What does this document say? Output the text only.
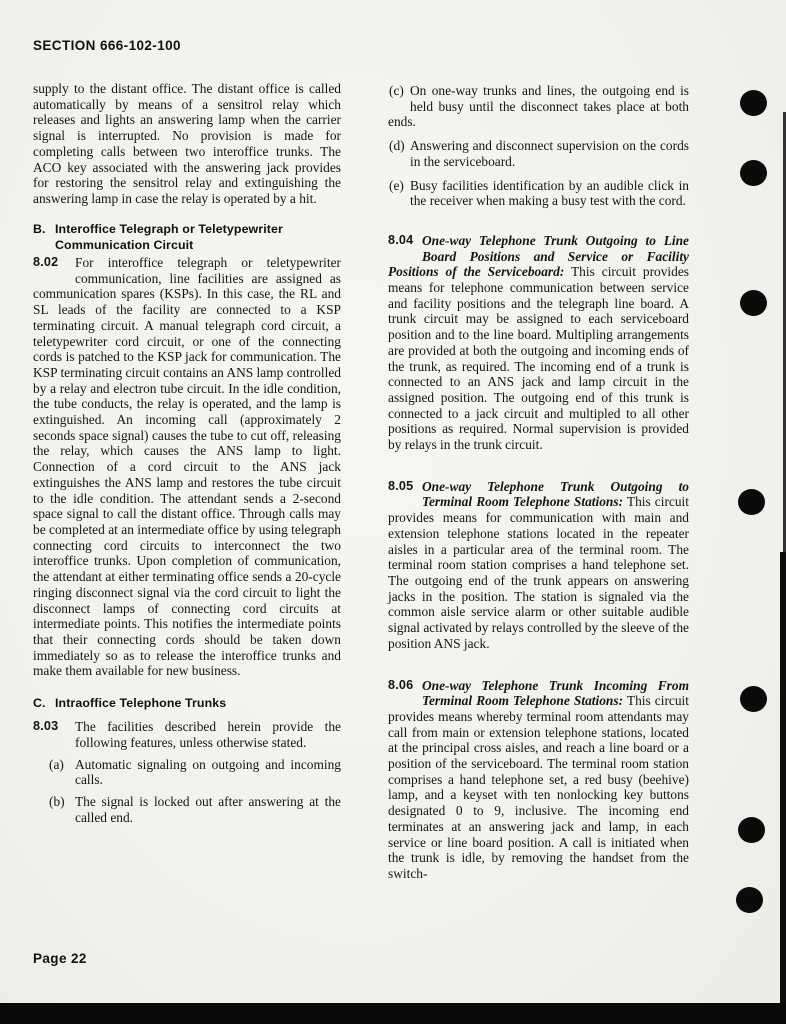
SECTION 666-102-100

supply to the distant office. The distant office is called automatically by means of a sensitrol relay which releases and lights an answering lamp when the carrier signal is interrupted. No provision is made for completing calls between two interoffice trunks. The ACO key associated with the answering jack provides for restoring the sensitrol relay and extinguishing the answering lamp in case the relay is operated by a hit.

B. Interoffice Telegraph or Teletypewriter Communication Circuit
8.02	For interoffice telegraph or teletypewriter communication, line facilities are assigned as communication spares (KSPs). In this case, the RL and SL leads of the facility are connected to a KSP terminating circuit. A manual telegraph cord circuit, a teletypewriter cord circuit, or one of the connecting cords is patched to the KSP jack for communication. The KSP terminating circuit contains an ANS lamp controlled by a relay and electron tube circuit. In the idle condition, the tube conducts, the relay is operated, and the lamp is extinguished. An incoming call (approximately 2 seconds space signal) causes the tube to cut off, releasing the relay, which causes the ANS lamp to light. Connection of a cord circuit to the ANS jack extinguishes the ANS lamp and restores the tube circuit to the idle condition. The attendant sends a 2-second space signal to call the distant office. Through calls may be completed at an intermediate office by using telegraph connecting cord circuits to interconnect the two interoffice trunks. Upon completion of communication, the attendant at either terminating office sends a 20-cycle ringing disconnect signal via the cord circuit to light the disconnect lamps of connecting cord circuits at intermediate points. This notifies the intermediate points that their connecting cords should be taken down immediately so as to release the interoffice trunks and make them available for new business.
C. Intraoffice Telephone Trunks
8.03	The facilities described herein provide the following features, unless otherwise stated.
(a) Automatic signaling on outgoing and incoming calls.
(b) The signal is locked out after answering at the called end.
(c) On one-way trunks and lines, the outgoing end is held busy until the disconnect takes place at both ends.
(d) Answering and disconnect supervision on the cords in the serviceboard.
(e) Busy facilities identification by an audible click in the receiver when making a busy test with the cord.
8.04 One-way Telephone Trunk Outgoing to Line Board Positions and Service or Facility Positions of the Serviceboard: This circuit provides means for telephone communication between service and facility positions and the telegraph line board. A trunk circuit may be assigned to each serviceboard position and to the line board. Multipling arrangements are provided at both the outgoing and incoming ends of the trunk, as required. The incoming end of a trunk is connected to an ANS jack and lamp circuit in the assigned position. The outgoing end of this trunk is connected to a jack circuit and multipled to all other positions as required. Normal supervision is provided by relays in the trunk circuit.
8.05 One-way Telephone Trunk Outgoing to Terminal Room Telephone Stations: This circuit provides means for communication with main and extension telephone stations located in the repeater aisles in a particular area of the terminal room. The terminal room station comprises a hand telephone set. The outgoing end of the trunk appears on answering jacks in the position. The station is signaled via the common aisle service alarm or other suitable audible signal activated by relays controlled by the sleeve of the position ANS jack.
8.06 One-way Telephone Trunk Incoming From Terminal Room Telephone Stations: This circuit provides means whereby terminal room attendants may call from main or extension telephone stations, located at the principal cross aisles, and reach a line board or a position of the serviceboard. The terminal room station comprises a hand telephone set, a red busy (beehive) lamp, and a keyset with ten nonlocking key buttons designated 0 to 9, inclusive. The incoming end terminates at an answering jack and lamp, in each service or line board position. A call is initiated when the trunk is idle, by removing the handset from the switch-
Page 22
